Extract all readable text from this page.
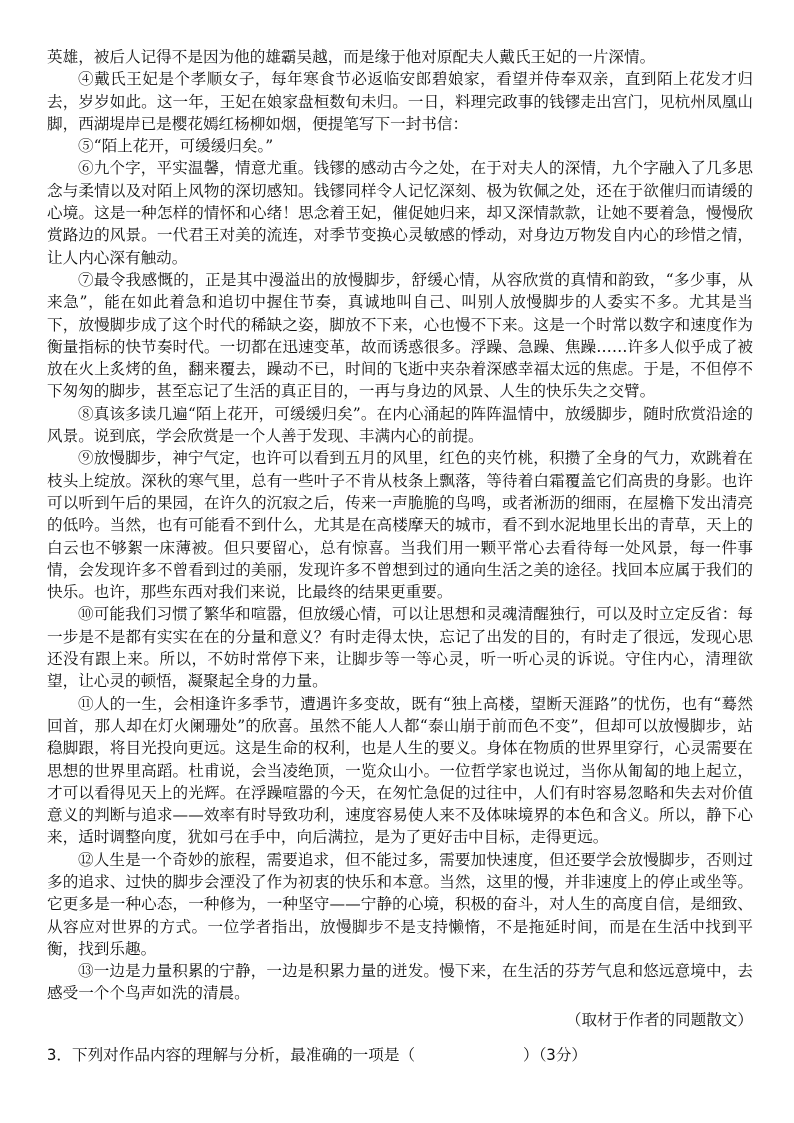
英雄，被后人记得不是因为他的雄霸吴越，而是缘于他对原配夫人戴氏王妃的一片深情。

④戴氏王妃是个孝顺女子，每年寒食节必返临安郎碧娘家，看望并侍奉双亲，直到陌上花发才归去，岁岁如此。这一年，王妃在娘家盘桓数旬未归。一日，料理完政事的钱镠走出宫门，见杭州凤凰山脚，西湖堤岸已是樱花嫣红杨柳如烟，便提笔写下一封书信：

⑤“陌上花开，可缓缓归矣。”

⑥九个字，平实温馨，情意尤重。钱镠的感动古今之处，在于对夫人的深情，九个字融入了几多思念与柔情以及对陌上风物的深切感知。钱镠同样令人记忆深刻、极为钦佩之处，还在于欲催归而请缓的心境。这是一种怎样的情怀和心绪！思念着王妃，催促她归来，却又深情款款，让她不要着急，慢慢欣赏路边的风景。一代君王对美的流连，对季节变换心灵敏感的悸动，对身边万物发自内心的珍惜之情，让人内心深有触动。

⑦最令我感慨的，正是其中漫溢出的放慢脚步，舒缓心情，从容欣赏的真情和韵致，“多少事，从来急”，能在如此着急和追切中握住节奏，真诚地叫自己、叫别人放慢脚步的人委实不多。尤其是当下，放慢脚步成了这个时代的稀缺之姿，脚放不下来，心也慢不下来。这是一个时常以数字和速度作为衡量指标的快节奏时代。一切都在迅速变革，故而诱惑很多。浮躁、急躁、焦躁……许多人似乎成了被放在火上炙烤的鱼，翻来覆去，躁动不已，时间的飞逝中夹杂着深感幸福太远的焦虑。于是，不但停不下匆匆的脚步，甚至忘记了生活的真正目的，一再与身边的风景、人生的快乐失之交臂。

⑧真该多读几遍“陌上花开，可缓缓归矣”。在内心涌起的阵阵温情中，放缓脚步，随时欣赏沿途的风景。说到底，学会欣赏是一个人善于发现、丰满内心的前提。

⑨放慢脚步，神宁气定，也许可以看到五月的风里，红色的夹竹桃，积攒了全身的气力，欢跳着在枝头上绽放。深秋的寒气里，总有一些叶子不肯从枝条上飘落，等待着白霜覆盖它们高贵的身影。也许可以听到午后的果园，在许久的沉寂之后，传来一声脆脆的鸟鸣，或者淅沥的细雨，在屋檐下发出清亮的低吟。当然，也有可能看不到什么，尤其是在高楼摩天的城市，看不到水泥地里长出的青草，天上的白云也不够絮一床薄被。但只要留心，总有惊喜。当我们用一颗平常心去看待每一处风景，每一件事情，会发现许多不曾看到过的美丽，发现许多不曾想到过的通向生活之美的途径。找回本应属于我们的快乐。也许，那些东西对我们来说，比最终的结果更重要。

⑩可能我们习惯了繁华和喧嚣，但放缓心情，可以让思想和灵魂清醒独行，可以及时立定反省：每一步是不是都有实实在在的分量和意义？有时走得太快，忘记了出发的目的，有时走了很远，发现心思还没有跟上来。所以，不妨时常停下来，让脚步等一等心灵，听一听心灵的诉说。守住内心，清理欲望，让心灵的顿悟，凝聚起全身的力量。

⑪人的一生，会相逢许多季节，遭遇许多变故，既有“独上高楼，望断天涯路”的忧伤，也有“蓦然回首，那人却在灯火阑珊处”的欣喜。虽然不能人人都“泰山崩于前而色不变”，但却可以放慢脚步，站稳脚跟，将目光投向更远。这是生命的权利，也是人生的要义。身体在物质的世界里穿行，心灵需要在思想的世界里高蹈。杜甫说，会当凌绝顶，一览众山小。一位哲学家也说过，当你从匍匐的地上起立，才可以看得见天上的光辉。在浮躁喧嚣的今天，在匆忙急促的过往中，人们有时容易忽略和失去对价值意义的判断与追求——效率有时导致功利，速度容易使人来不及体味境界的本色和含义。所以，静下心来，适时调整向度，犹如弓在手中，向后满拉，是为了更好击中目标，走得更远。

⑫人生是一个奇妙的旅程，需要追求，但不能过多，需要加快速度，但还要学会放慢脚步，否则过多的追求、过快的脚步会湮没了作为初衷的快乐和本意。当然，这里的慢，并非速度上的停止或坐等。它更多是一种心态，一种修为，一种坚守——宁静的心境，积极的奋斗，对人生的高度自信，是细致、从容应对世界的方式。一位学者指出，放慢脚步不是支持懒惰，不是拖延时间，而是在生活中找到平衡，找到乐趣。

⑬一边是力量积累的宁静，一边是积累力量的迸发。慢下来，在生活的芬芳气息和悠远意境中，去感受一个个鸟声如洗的清晨。

（取材于作者的同题散文）

3．下列对作品内容的理解与分析，最准确的一项是（	）（3分）
